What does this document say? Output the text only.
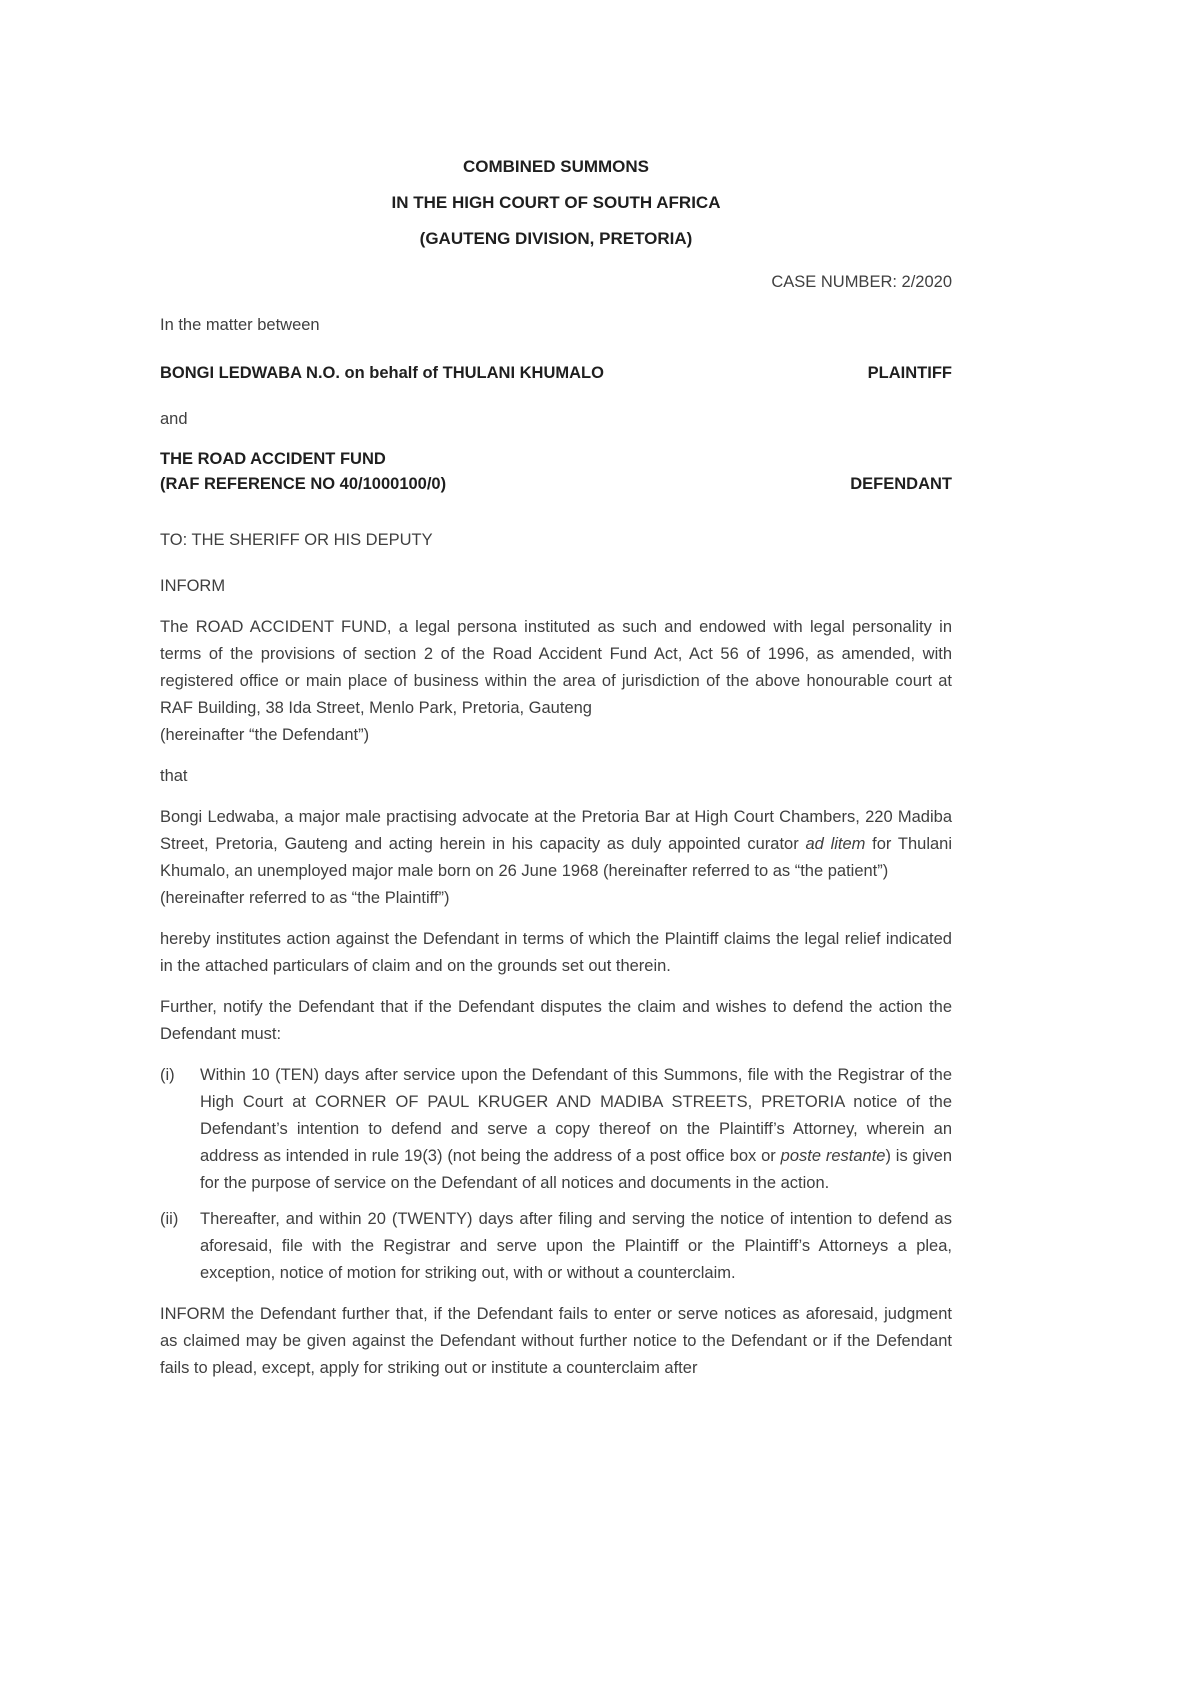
COMBINED SUMMONS
IN THE HIGH COURT OF SOUTH AFRICA
(GAUTENG DIVISION, PRETORIA)
CASE NUMBER: 2/2020
In the matter between
BONGI LEDWABA N.O. on behalf of THULANI KHUMALO	PLAINTIFF
and
THE ROAD ACCIDENT FUND
(RAF REFERENCE NO 40/1000100/0)	DEFENDANT
TO: THE SHERIFF OR HIS DEPUTY
INFORM

The ROAD ACCIDENT FUND, a legal persona instituted as such and endowed with legal personality in terms of the provisions of section 2 of the Road Accident Fund Act, Act 56 of 1996, as amended, with registered office or main place of business within the area of jurisdiction of the above honourable court at RAF Building, 38 Ida Street, Menlo Park, Pretoria, Gauteng
(hereinafter “the Defendant”)

that

Bongi Ledwaba, a major male practising advocate at the Pretoria Bar at High Court Chambers, 220 Madiba Street, Pretoria, Gauteng and acting herein in his capacity as duly appointed curator ad litem for Thulani Khumalo, an unemployed major male born on 26 June 1968 (hereinafter referred to as “the patient”)
(hereinafter referred to as “the Plaintiff”)

hereby institutes action against the Defendant in terms of which the Plaintiff claims the legal relief indicated in the attached particulars of claim and on the grounds set out therein.

Further, notify the Defendant that if the Defendant disputes the claim and wishes to defend the action the Defendant must:

(i)	Within 10 (TEN) days after service upon the Defendant of this Summons, file with the Registrar of the High Court at CORNER OF PAUL KRUGER AND MADIBA STREETS, PRETORIA notice of the Defendant’s intention to defend and serve a copy thereof on the Plaintiff’s Attorney, wherein an address as intended in rule 19(3) (not being the address of a post office box or poste restante) is given for the purpose of service on the Defendant of all notices and documents in the action.
(ii)	Thereafter, and within 20 (TWENTY) days after filing and serving the notice of intention to defend as aforesaid, file with the Registrar and serve upon the Plaintiff or the Plaintiff’s Attorneys a plea, exception, notice of motion for striking out, with or without a counterclaim.

INFORM the Defendant further that, if the Defendant fails to enter or serve notices as aforesaid, judgment as claimed may be given against the Defendant without further notice to the Defendant or if the Defendant fails to plead, except, apply for striking out or institute a counterclaim after
